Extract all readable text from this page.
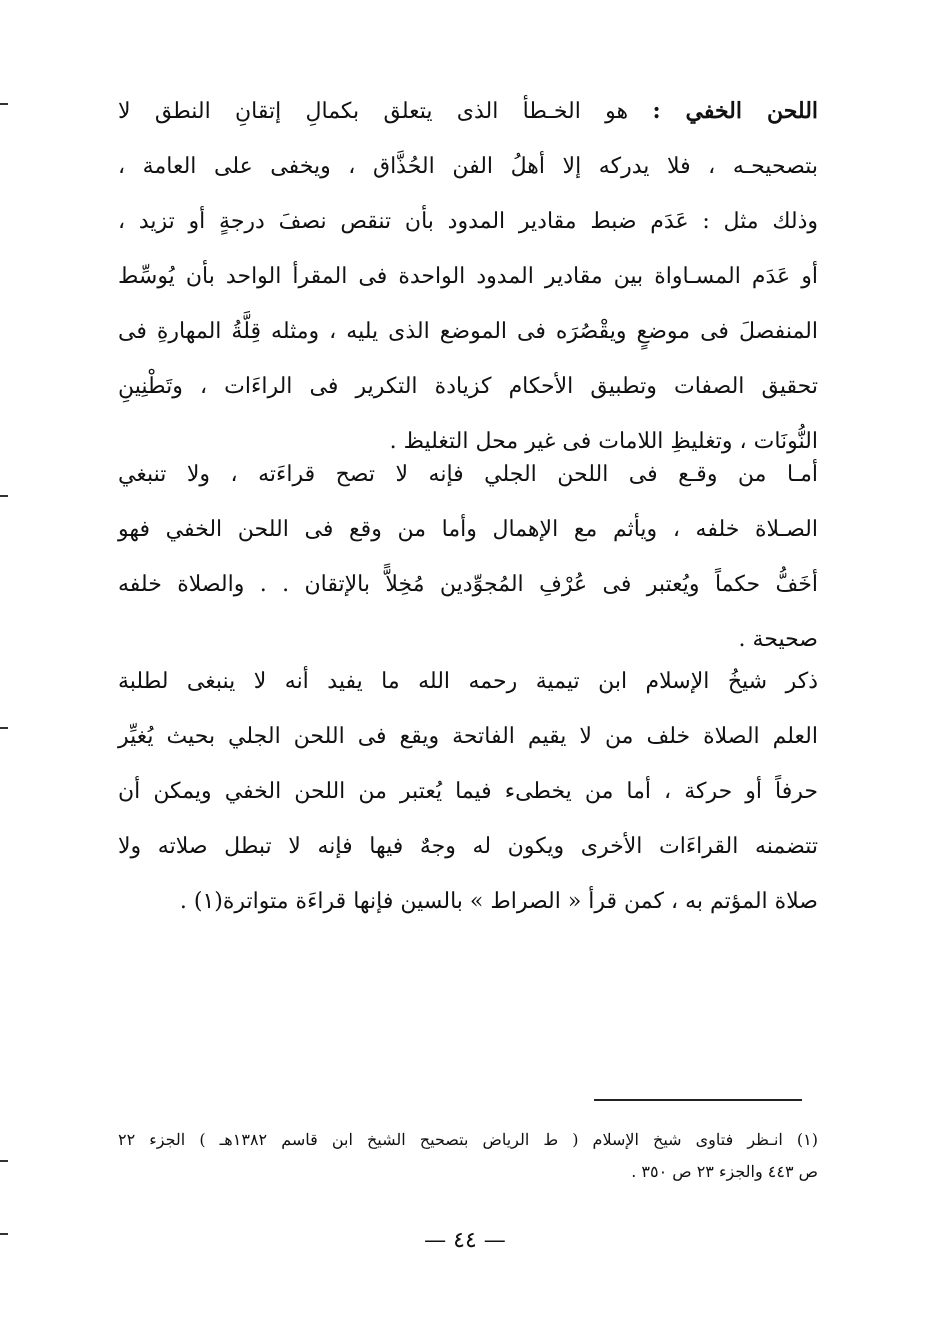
اللحن الخفي : هو الخـطأ الذى يتعلق بكمالِ إتقانِ النطق لا
بتصحيحـه ، فلا يدركه إلا أهلُ الفن الحُذَّاق ، ويخفى على العامة ،
وذلك مثل : عَدَم ضبط مقادير المدود بأن تنقص نصفَ درجةٍ أو تزيد ،
أو عَدَم المسـاواة بين مقادير المدود الواحدة فى المقرأ الواحد بأن يُوسِّط
المنفصلَ فى موضعٍ ويقْصُرَه فى الموضع الذى يليه ، ومثله قِلَّةُ المهارةِ فى
تحقيق الصفات وتطبيق الأحكام كزيادة التكرير فى الراءَات ، وتَطْنِينِ
النُّونَات ، وتغليظِ اللامات فى غير محل التغليظ .
أمـا من وقـع فى اللحن الجلي فإنه لا تصح قراءَته ، ولا تنبغي
الصـلاة خلفه ، ويأثم مع الإهمال وأما من وقع فى اللحن الخفي فهو
أخَفُّ حكماً ويُعتبر فى عُرْفِ المُجوِّدين مُخِلاًّ بالإتقان . . والصلاة خلفه
صحيحة .
ذكر شيخُ الإسلام ابن تيمية رحمه الله ما يفيد أنه لا ينبغى لطلبة
العلم الصلاة خلف من لا يقيم الفاتحة ويقع فى اللحن الجلي بحيث يُغيِّر
حرفاً أو حركة ، أما من يخطىء فيما يُعتبر من اللحن الخفي ويمكن أن
تتضمنه القراءَات الأخرى ويكون له وجهٌ فيها فإنه لا تبطل صلاته ولا
صلاة المؤتم به ، كمن قرأ « الصراط » بالسين فإنها قراءَة متواترة(١) .
(١) انـظر فتاوى شيخ الإسلام ( ط الرياض بتصحيح الشيخ ابن قاسم ١٣٨٢هـ ) الجزء ٢٢
ص ٤٤٣ والجزء ٢٣ ص ٣٥٠ .
— ٤٤ —
